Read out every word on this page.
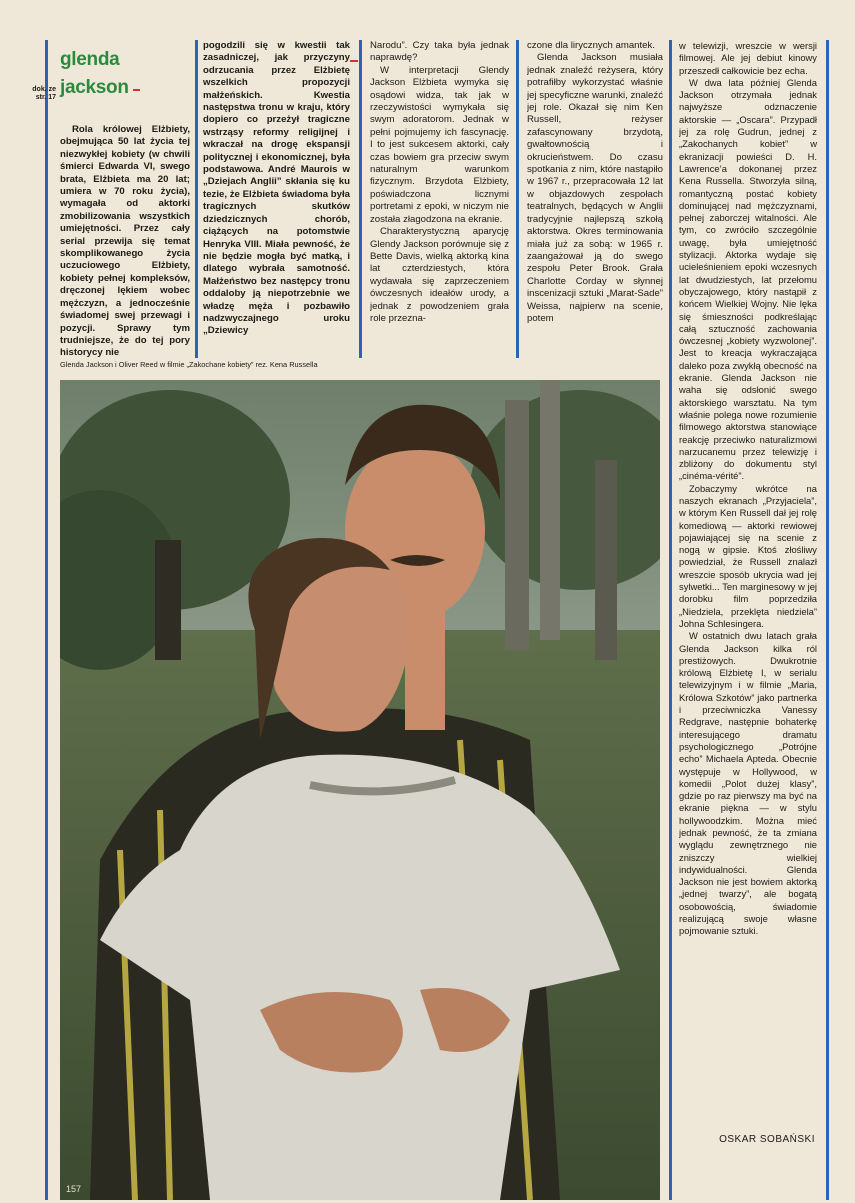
glenda
jackson
dok. ze str. 17

Rola królowej Elżbiety, obejmująca 50 lat życia tej niezwykłej kobiety (w chwili śmierci Edwarda VI, swego brata, Elżbieta ma 20 lat; umiera w 70 roku życia), wymagała od aktorki zmobilizowania wszystkich umiejętności. Przez cały serial przewija się temat skomplikowanego życia uczuciowego Elżbiety, kobiety pełnej kompleksów, dręczonej lękiem wobec mężczyzn, a jednocześnie świadomej swej przewagi i pozycji. Sprawy tym trudniejsze, że do tej pory historycy nie

pogodzili się w kwestii tak zasadniczej, jak przyczyny odrzucania przez Elżbietę wszelkich propozycji małżeńskich. Kwestia następstwa tronu w kraju, który dopiero co przeżył tragiczne wstrząsy reformy religijnej i wkraczał na drogę ekspansji politycznej i ekonomicznej, była podstawowa. André Maurois w „Dziejach Anglii” skłania się ku tezie, że Elżbieta świadoma była tragicznych skutków dziedzicznych chorób, ciążących na potomstwie Henryka VIII. Miała pewność, że nie będzie mogła być matką, i dlatego wybrała samotność. Małżeństwo bez następcy tronu oddaloby ją niepotrzebnie we władzę męża i pozbawiło nadzwyczajnego uroku „Dziewicy

Narodu”. Czy taka była jednak naprawdę?

W interpretacji Glendy Jackson Elżbieta wymyka się osądowi widza, tak jak w rzeczywistości wymykała się swym adoratorom. Jednak w pełni pojmujemy ich fascynację. I to jest sukcesem aktorki, cały czas bowiem gra przeciw swym naturalnym warunkom fizycznym. Brzydota Elżbiety, poświadczona licznymi portretami z epoki, w niczym nie została złagodzona na ekranie.

Charakterystyczną aparycję Glendy Jackson porównuje się z Bette Davis, wielką aktorką kina lat czterdziestych, która wydawała się zaprzeczeniem ówczesnych ideałów urody, a jednak z powodzeniem grała role przezna-

czone dla lirycznych amantek.

Glenda Jackson musiała jednak znaleźć reżysera, który potrafiłby wykorzystać właśnie jej specyficzne warunki, znaleźć jej role. Okazał się nim Ken Russell, reżyser zafascynowany brzydotą, gwałtownością i okrucieństwem. Do czasu spotkania z nim, które nastąpiło w 1967 r., przepracowała 12 lat w objazdowych zespołach teatralnych, będących w Anglii tradycyjnie najlepszą szkołą aktorstwa. Okres terminowania miała już za sobą: w 1965 r. zaangażował ją do swego zespołu Peter Brook. Grała Charlotte Corday w słynnej inscenizacji sztuki „Marat-Sade” Weissa, najpierw na scenie, potem

w telewizji, wreszcie w wersji filmowej. Ale jej debiut kinowy przeszedł całkowicie bez echa.

W dwa lata później Glenda Jackson otrzymała jednak najwyższe odznaczenie aktorskie — „Oscara”. Przypadł jej za rolę Gudrun, jednej z „Zakochanych kobiet” w ekranizacji powieści D. H. Lawrence’a dokonanej przez Kena Russella. Stworzyła silną, romantyczną postać kobiety dominującej nad mężczyznami, pełnej zaborczej witalności. Ale tym, co zwróciło szczególnie uwagę, była umiejętność stylizacji. Aktorka wydaje się ucieleśnieniem epoki wczesnych lat dwudziestych, lat przełomu obyczajowego, który nastąpił z końcem Wielkiej Wojny. Nie lęka się śmieszności podkreślając całą sztuczność zachowania ówczesnej „kobiety wyzwolonej”. Jest to kreacja wykraczająca daleko poza zwykłą obecność na ekranie. Glenda Jackson nie waha się odsłonić swego aktorskiego warsztatu. Na tym właśnie polega nowe rozumienie filmowego aktorstwa stanowiące reakcję przeciwko naturalizmowi narzucanemu przez telewizję i zbliżony do dokumentu styl „cinéma-vérité”.

Zobaczymy wkrótce na naszych ekranach „Przyjaciela”, w którym Ken Russell dał jej rolę komediową — aktorki rewiowej pojawiającej się na scenie z nogą w gipsie. Ktoś złośliwy powiedział, że Russell znalazł wreszcie sposób ukrycia wad jej sylwetki... Ten marginesowy w jej dorobku film poprzedziła „Niedziela, przeklęta niedziela” Johna Schlesingera.

W ostatnich dwu latach grała Glenda Jackson kilka ról prestiżowych. Dwukrotnie królową Elżbietę I, w serialu telewizyjnym i w filmie „Maria, Królowa Szkotów” jako partnerka i przeciwniczka Vanessy Redgrave, następnie bohaterkę interesującego dramatu psychologicznego „Potrójne echo” Michaela Apteda. Obecnie występuje w Hollywood, w komedii „Polot dużej klasy”, gdzie po raz pierwszy ma być na ekranie piękna — w stylu hollywoodzkim. Można mieć jednak pewność, że ta zmiana wyglądu zewnętrznego nie zniszczy wielkiej indywidualności. Glenda Jackson nie jest bowiem aktorką „jednej twarzy”, ale bogatą osobowością, świadomie realizującą swoje własne pojmowanie sztuki.

OSKAR SOBAŃSKI
Glenda Jackson i Oliver Reed w filmie „Zakochane kobiety” rez. Kena Russella
157
